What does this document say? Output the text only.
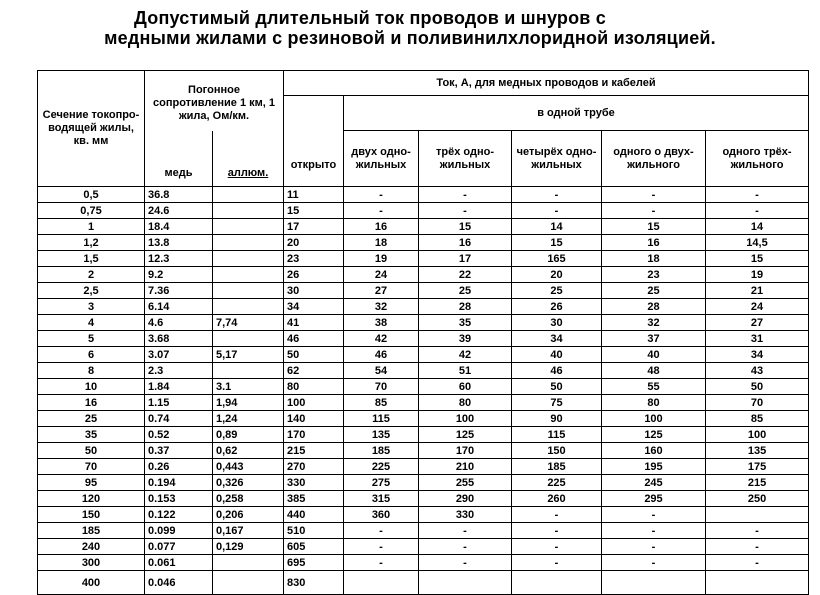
Допустимый длительный ток проводов и шнуров с
медными жилами с резиновой и поливинилхлоридной изоляцией.
Сечение токопро-водящей жилы, кв. мм	Погонное сопротивление 1 км, 1 жила, Ом/км.		Ток, А, для медных проводов и кабелей					
			открыто	в одной трубе				
	медь	аллюм.		двух одно-жильных	трёх одно-жильных	четырёх одно-жильных	одного о двух-жильного	одного трёх-жильного
0,5	36.8		11	-	-	-	-	-
0,75	24.6		15	-	-	-	-	-
1	18.4		17	16	15	14	15	14
1,2	13.8		20	18	16	15	16	14,5
1,5	12.3		23	19	17	165	18	15
2	9.2		26	24	22	20	23	19
2,5	7.36		30	27	25	25	25	21
3	6.14		34	32	28	26	28	24
4	4.6	7,74	41	38	35	30	32	27
5	3.68		46	42	39	34	37	31
6	3.07	5,17	50	46	42	40	40	34
8	2.3		62	54	51	46	48	43
10	1.84	3.1	80	70	60	50	55	50
16	1.15	1,94	100	85	80	75	80	70
25	0.74	1,24	140	115	100	90	100	85
35	0.52	0,89	170	135	125	115	125	100
50	0.37	0,62	215	185	170	150	160	135
70	0.26	0,443	270	225	210	185	195	175
95	0.194	0,326	330	275	255	225	245	215
120	0.153	0,258	385	315	290	260	295	250
150	0.122	0,206	440	360	330	-	-	
185	0.099	0,167	510	-	-	-	-	-
240	0.077	0,129	605	-	-	-	-	-
300	0.061		695	-	-	-	-	-
400	0.046		830					
